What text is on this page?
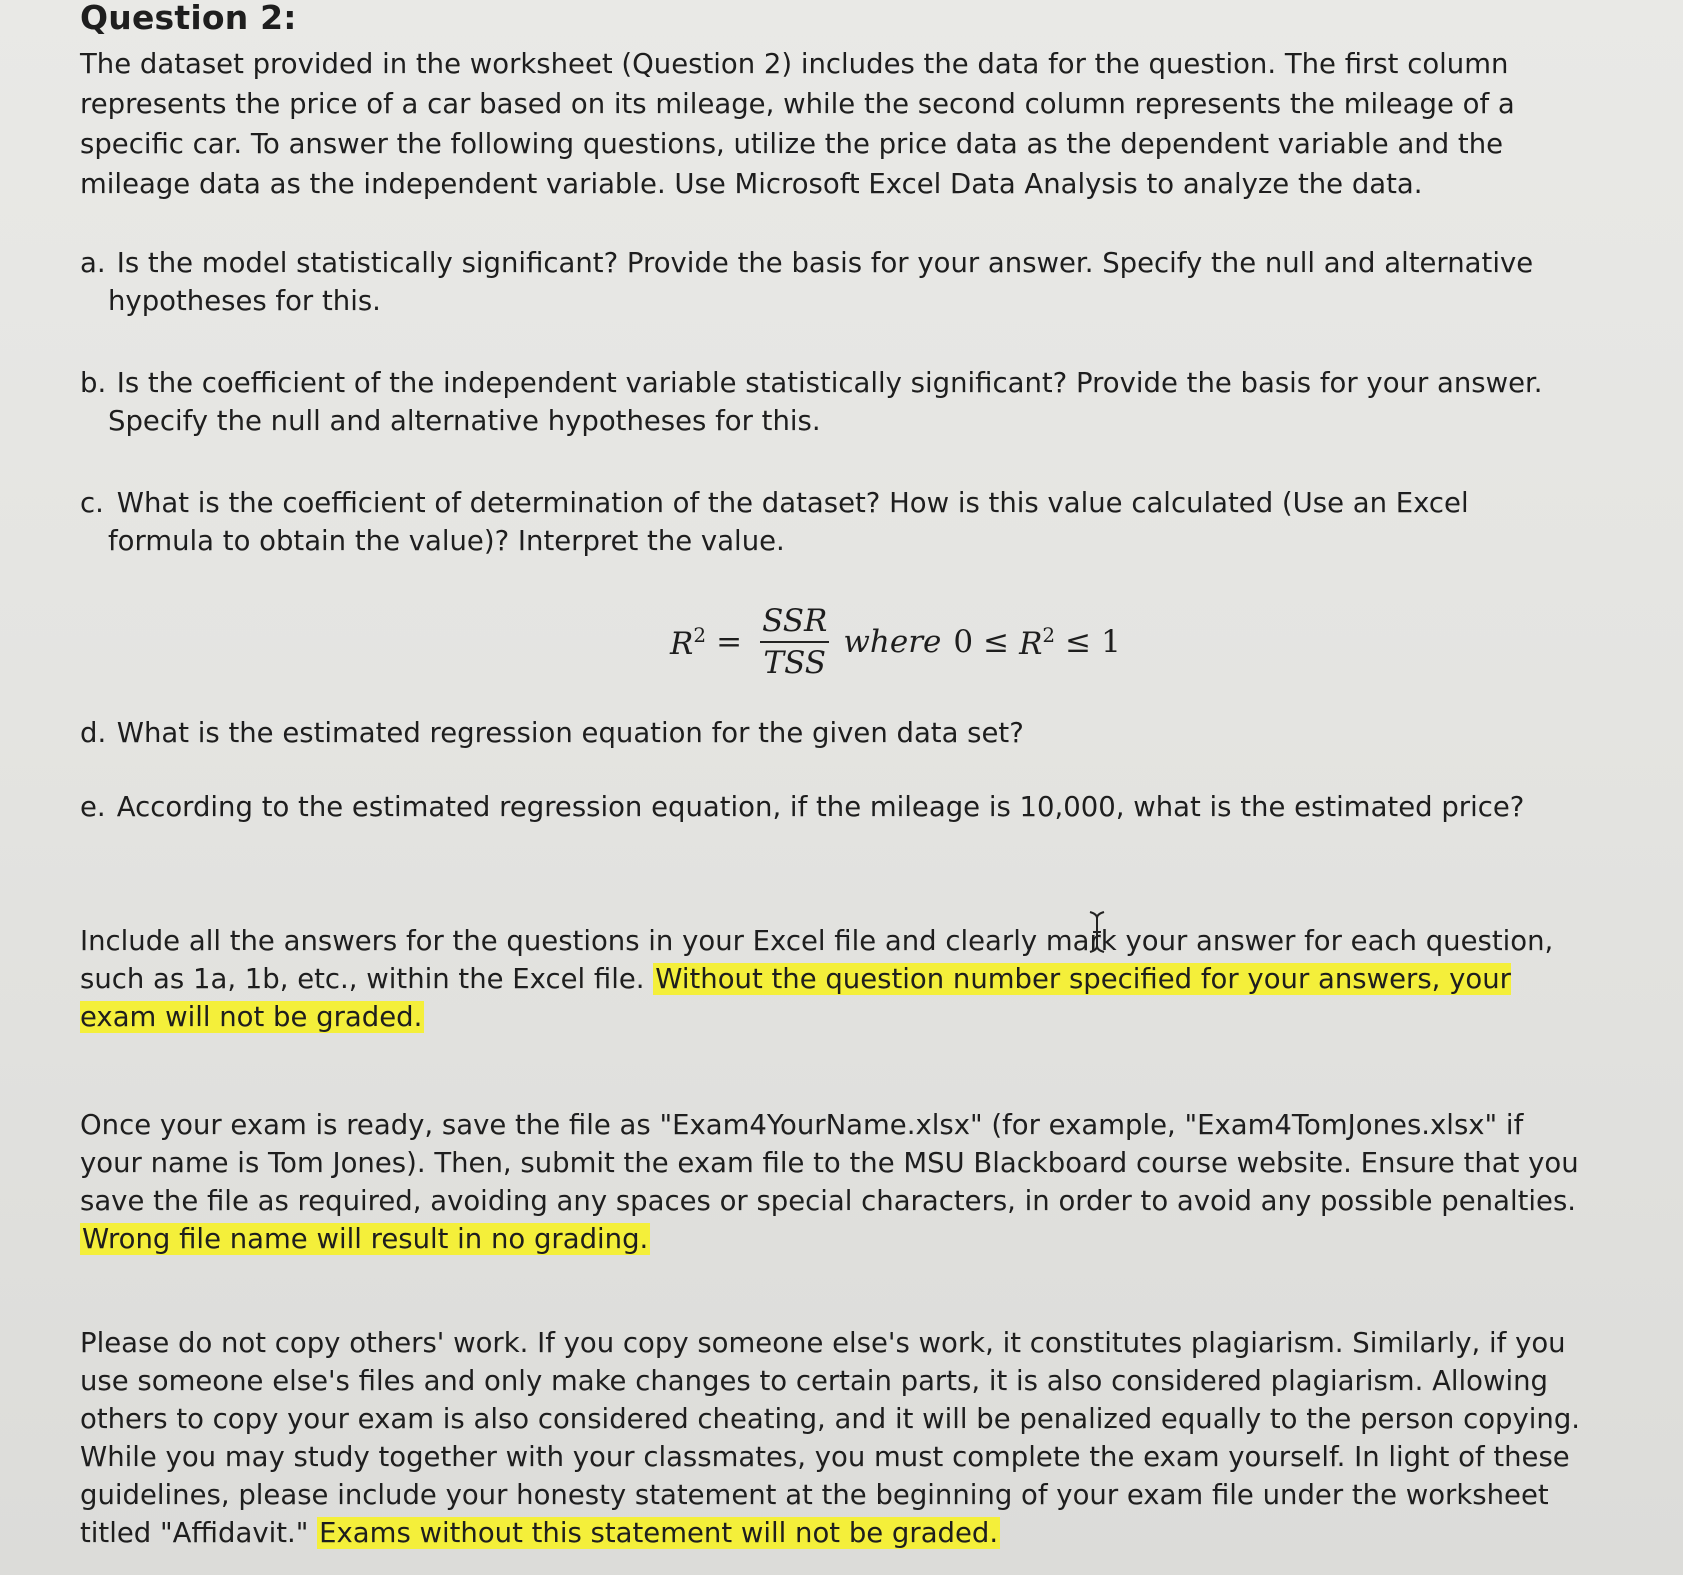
Question 2:

The dataset provided in the worksheet (Question 2) includes the data for the question. The first column represents the price of a car based on its mileage, while the second column represents the mileage of a specific car. To answer the following questions, utilize the price data as the dependent variable and the mileage data as the independent variable. Use Microsoft Excel Data Analysis to analyze the data.

a. Is the model statistically significant? Provide the basis for your answer. Specify the null and alternative hypotheses for this.

b. Is the coefficient of the independent variable statistically significant? Provide the basis for your answer. Specify the null and alternative hypotheses for this.

c. What is the coefficient of determination of the dataset? How is this value calculated (Use an Excel formula to obtain the value)? Interpret the value.

$R^2 = \frac{\text{SSR}}{\text{TSS}}$ where $0 \le R^2 \le 1$

d. What is the estimated regression equation for the given data set?

e. According to the estimated regression equation, if the mileage is 10,000, what is the estimated price?

Include all the answers for the questions in your Excel file and clearly mark your answer for each question, such as 1a, 1b, etc., within the Excel file. Without the question number specified for your answers, your exam will not be graded.

Once your exam is ready, save the file as "Exam4YourName.xlsx" (for example, "Exam4TomJones.xlsx" if your name is Tom Jones). Then, submit the exam file to the MSU Blackboard course website. Ensure that you save the file as required, avoiding any spaces or special characters, in order to avoid any possible penalties. Wrong file name will result in no grading.

Please do not copy others' work. If you copy someone else's work, it constitutes plagiarism. Similarly, if you use someone else's files and only make changes to certain parts, it is also considered plagiarism. Allowing others to copy your exam is also considered cheating, and it will be penalized equally to the person copying. While you may study together with your classmates, you must complete the exam yourself. In light of these guidelines, please include your honesty statement at the beginning of your exam file under the worksheet titled "Affidavit." Exams without this statement will not be graded.
